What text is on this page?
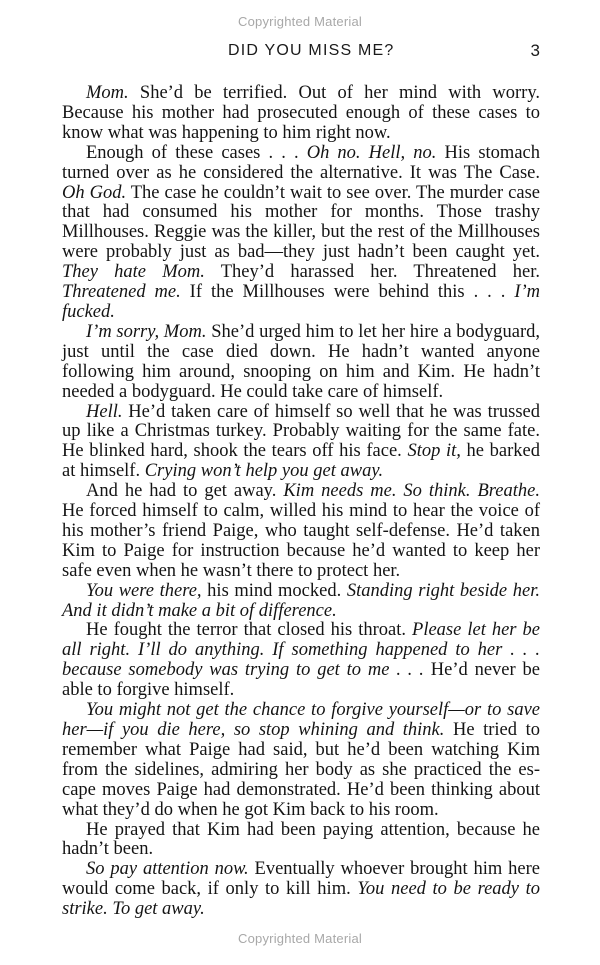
Copyrighted Material
DID YOU MISS ME?	3

Mom. She’d be terrified. Out of her mind with worry. Because his mother had prosecuted enough of these cases to know what was happening to him right now.

Enough of these cases . . . Oh no. Hell, no. His stomach turned over as he considered the alternative. It was The Case. Oh God. The case he couldn’t wait to see over. The murder case that had consumed his mother for months. Those trashy Millhouses. Reggie was the killer, but the rest of the Millhouses were probably just as bad—they just hadn’t been caught yet. They hate Mom. They’d harassed her. Threatened her. Threatened me. If the Millhouses were behind this . . . I’m fucked.

I’m sorry, Mom. She’d urged him to let her hire a bodyguard, just until the case died down. He hadn’t wanted anyone following him around, snooping on him and Kim. He hadn’t needed a bodyguard. He could take care of himself.

Hell. He’d taken care of himself so well that he was trussed up like a Christmas turkey. Probably waiting for the same fate. He blinked hard, shook the tears off his face. Stop it, he barked at himself. Crying won’t help you get away.

And he had to get away. Kim needs me. So think. Breathe. He forced himself to calm, willed his mind to hear the voice of his mother’s friend Paige, who taught self-defense. He’d taken Kim to Paige for instruction because he’d wanted to keep her safe even when he wasn’t there to protect her.

You were there, his mind mocked. Standing right beside her. And it didn’t make a bit of difference.

He fought the terror that closed his throat. Please let her be all right. I’ll do anything. If something happened to her . . . because somebody was trying to get to me . . . He’d never be able to forgive himself.

You might not get the chance to forgive yourself—or to save her—if you die here, so stop whining and think. He tried to remember what Paige had said, but he’d been watching Kim from the sidelines, admiring her body as she practiced the escape moves Paige had demonstrated. He’d been thinking about what they’d do when he got Kim back to his room.

He prayed that Kim had been paying attention, because he hadn’t been.

So pay attention now. Eventually whoever brought him here would come back, if only to kill him. You need to be ready to strike. To get away.

Copyrighted Material
